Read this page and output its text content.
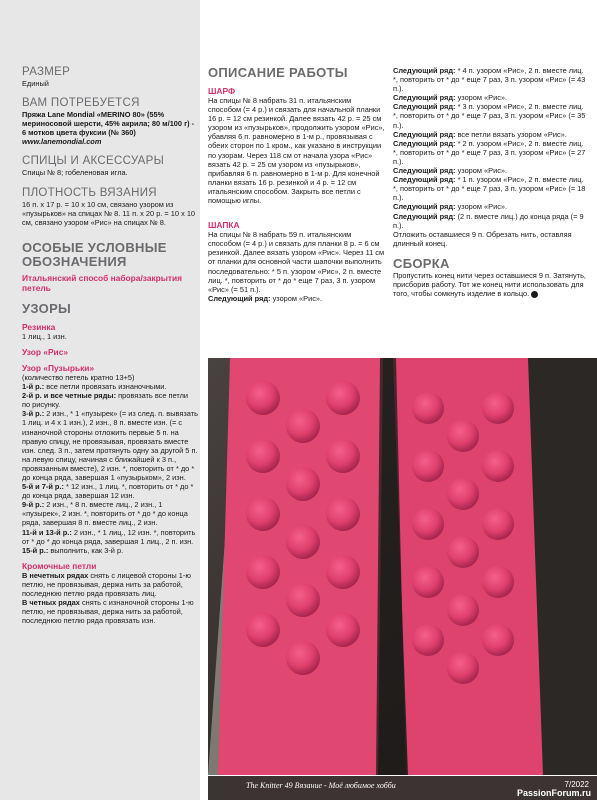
РАЗМЕР

Единый

ВАМ ПОТРЕБУЕТСЯ

Пряжа Lane Mondial «MERINO 80» (55% мериносовой шерсти, 45% акрила; 80 м/100 г) - 6 мотков цвета фуксии (№ 360)

www.lanemondial.com

СПИЦЫ И АКСЕССУАРЫ

Спицы № 8; гобеленовая игла.

ПЛОТНОСТЬ ВЯЗАНИЯ

16 п. х 17 р. = 10 х 10 см, связано узором из «пузырьков» на спицах № 8. 11 п. х 20 р. = 10 х 10 см, связано узором «Рис» на спицах № 8.

ОСОБЫЕ УСЛОВНЫЕ ОБОЗНАЧЕНИЯ

Итальянский способ набора/закрытия петель

УЗОРЫ

Резинка

1 лиц., 1 изн.

Узор «Рис»

Узор «Пузырьки»

(количество петель кратно 13+5)

1-й р.: все петли провязать изнаночными.

2-й р. и все четные ряды: провязать все петли по рисунку.

3-й р.: 2 изн., * 1 «пузырек» (= из след. п. вывязать 1 лиц. и 4 х 1 изн.), 2 изн., 8 п. вместе изн. (= с изнаночной стороны отложить первые 5 п. на правую спицу, не провязывая, провязать вместе изн. след. 3 п., затем протянуть одну за другой 5 п. на левую спицу, начиная с ближайшей к 3 п., провязанным вместе), 2 изн. *, повторить от * до * до конца ряда, завершая 1 «пузырьком», 2 изн.

5-й и 7-й р.: * 12 изн., 1 лиц. *, повторить от * до * до конца ряда, завершая 12 изн.

9-й р.: 2 изн., * 8 п. вместе лиц., 2 изн., 1 «пузырек», 2 изн. *, повторить от * до * до конца ряда, завершая 8 п. вместе лиц., 2 изн.

11-й и 13-й р.: 2 изн., * 1 лиц., 12 изн. *, повторить от * до * до конца ряда, завершая 1 лиц., 2 п. изн.

15-й р.: выполнить, как 3-й р.

Кромочные петли

В нечетных рядах снять с лицевой стороны 1-ю петлю, не провязывая, держа нить за работой, последнюю петлю ряда провязать лиц.

В четных рядах снять с изнаночной стороны 1-ю петлю, не провязывая, держа нить за работой, последнюю петлю ряда провязать изн.

ОПИСАНИЕ РАБОТЫ

ШАРФ

На спицы № 8 набрать 31 п. итальянским способом (= 4 р.) и связать для начальной планки 16 р. = 12 см резинкой. Далее вязать 42 р. = 25 см узором из «пузырьков», продолжить узором «Рис», убавляя 6 п. равномерно в 1-м р., провязывая с обеих сторон по 1 кром., как указано в инструкции по узорам. Через 118 см от начала узора «Рис» вязать 42 р. = 25 см узором из «пузырьков», прибавляя 6 п. равномерно в 1-м р. Для конечной планки вязать 16 р. резинкой и 4 р. = 12 см итальянским способом. Закрыть все петли с помощью иглы.

ШАПКА

На спицы № 8 набрать 59 п. итальянским способом (= 4 р.) и связать для планки 8 р. = 6 см резинкой. Далее вязать узором «Рис». Через 11 см от планки для основной части шапочки выполнить последовательно: * 5 п. узором «Рис», 2 п. вместе лиц. *, повторить от * до * еще 7 раз, 3 п. узором «Рис» (= 51 п.).

Следующий ряд: узором «Рис».

Следующий ряд: * 4 п. узором «Рис», 2 п. вместе лиц. *, повторить от * до * еще 7 раз, 3 п. узором «Рис» (= 43 п.).

Следующий ряд: узором «Рис».

Следующий ряд: * 3 п. узором «Рис», 2 п. вместе лиц. *, повторить от * до * еще 7 раз, 3 п. узором «Рис» (= 35 п.).

Следующий ряд: все петли вязать узором «Рис».

Следующий ряд: * 2 п. узором «Рис», 2 п. вместе лиц. *, повторить от * до * еще 7 раз, 3 п. узором «Рис» (= 27 п.).

Следующий ряд: узором «Рис».

Следующий ряд: * 1 п. узором «Рис», 2 п. вместе лиц. *, повторить от * до * еще 7 раз, 3 п. узором «Рис» (= 18 п.).

Следующий ряд: узором «Рис».

Следующий ряд: (2 п. вместе лиц.) до конца ряда (= 9 п.).

Отложить оставшиеся 9 п. Обрезать нить, оставляя длинный конец.

СБОРКА

Пропустить конец нити через оставшиеся 9 п. Затянуть, присборив работу. Тот же конец нити использовать для того, чтобы сомкнуть изделие в кольцо.

The Knitter 49 Вязание - Моё любимое хобби	7/2022
PassionForum.ru
